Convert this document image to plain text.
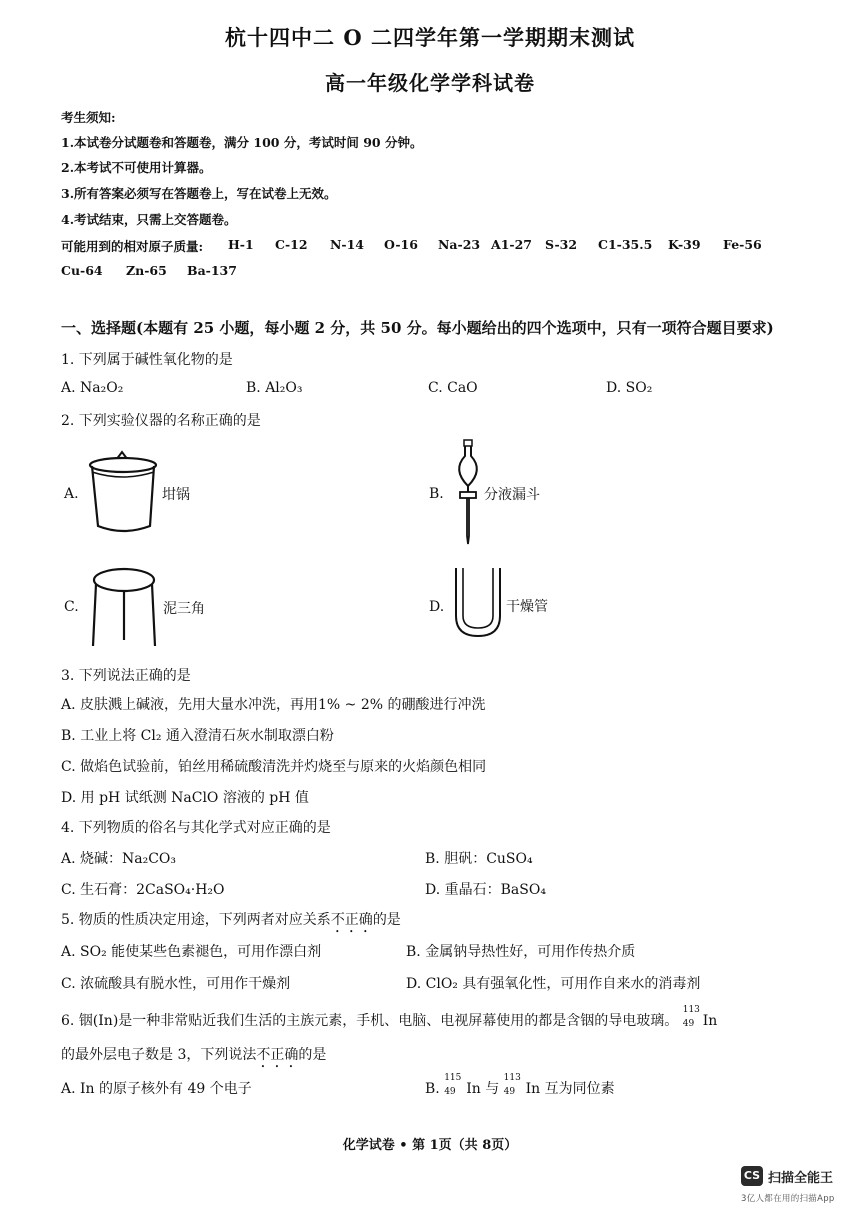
杭十四中二 O 二四学年第一学期期末测试
高一年级化学学科试卷
考生须知:
1.本试卷分试题卷和答题卷，满分 100 分，考试时间 90 分钟。
2.本考试不可使用计算器。
3.所有答案必须写在答题卷上，写在试卷上无效。
4.考试结束，只需上交答题卷。
可能用到的相对原子质量: H-1 C-12 N-14 O-16 Na-23 A1-27 S-32 C1-35.5 K-39 Fe-56
Cu-64 Zn-65 Ba-137
一、选择题(本题有 25 小题，每小题 2 分，共 50 分。每小题给出的四个选项中，只有一项符合题目要求)
1. 下列属于碱性氧化物的是
A. Na₂O₂	B. Al₂O₃	C. CaO	D. SO₂
2. 下列实验仪器的名称正确的是
A.	坩锅	B.	分液漏斗
C.	泥三角	D.	干燥管
3. 下列说法正确的是
A. 皮肤溅上碱液，先用大量水冲洗，再用1% ~ 2% 的硼酸进行冲洗
B. 工业上将 Cl₂ 通入澄清石灰水制取漂白粉
C. 做焰色试验前，铂丝用稀硫酸清洗并灼烧至与原来的火焰颜色相同
D. 用 pH 试纸测 NaClO 溶液的 pH 值
4. 下列物质的俗名与其化学式对应正确的是
A. 烧碱：Na₂CO₃	B. 胆矾：CuSO₄
C. 生石膏：2CaSO₄·H₂O	D. 重晶石：BaSO₄
5. 物质的性质决定用途，下列两者对应关系不正确的是
A. SO₂ 能使某些色素褪色，可用作漂白剂	B. 金属钠导热性好，可用作传热介质
C. 浓硫酸具有脱水性，可用作干燥剂	D. ClO₂ 具有强氧化性，可用作自来水的消毒剂
6. 铟(In)是一种非常贴近我们生活的主族元素，手机、电脑、电视屏幕使用的都是含铟的导电玻璃。
113
49 In
的最外层电子数是 3，下列说法不正确的是
A. In 的原子核外有 49 个电子	B.
115
49 In 与
113
49 In 互为同位素
化学试卷 • 第 1页（共 8页）
CS 扫描全能王
3亿人都在用的扫描App
